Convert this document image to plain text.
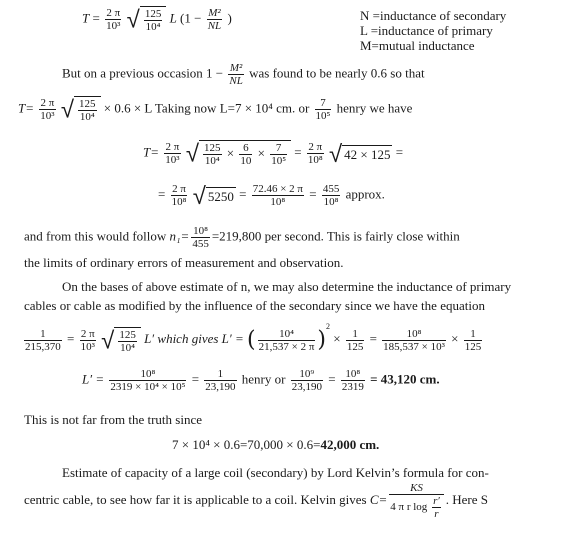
$T = \frac{2 \pi}{\text{10³}}$ √ $\frac{125}{\text{10⁴}}$ L ($1 - \frac{\text{M²}}{NL}$ )	N =inductance of secondary
L =inductance of primary
M=mutual inductance
But on a previous occasion $1 - \frac{\text{M²}}{NL}$ was found to be nearly 0.6 so that
$T= \frac{2 \pi}{\text{10³}}$ √ $\frac{125}{\text{10⁴}} \times 0.6 \times L$ Taking now L=7 × 10⁴ cm. or $\frac{7}{\text{10⁵}}$ henry we have
$T= \frac{2 \pi}{\text{10³}}$ √ $\frac{125}{\text{10⁴}} \times \frac{6}{10} \times \frac{7}{\text{10⁵}} = \frac{2 \pi}{\text{10⁸}}$ √ 42 × 125 =
= $\frac{2 \pi}{\text{10⁸}}$ √ $5250 = \frac{72.46 \times 2 \pi}{\text{10⁸}} = \frac{455}{\text{10⁸}}$ approx.
and from this would follow $n_1= \frac{\text{10⁸}}{455} =219,800$ per second. This is fairly close within
the limits of ordinary errors of measurement and observation.
On the bases of above estimate of n, we may also determine the inductance of primary
cables or cable as modified by the influence of the secondary since we have the equation
$\frac{1}{215,370} = \frac{2 \pi}{\text{10³}}$ √ $\frac{125}{\text{10⁴}} L'$ which gives L′ = ( $\frac{\text{10⁴}}{21,537 \times 2 \pi} )^2 \times \frac{1}{125} = \frac{\text{10⁸}}{\text{185,537 × 10³}} \times \frac{1}{125}$
$L' = \frac{\text{10⁸}}{\text{2319 × 10⁴ × 10⁵}} = \frac{1}{23,190}$ henry or $\frac{\text{10⁹}}{23,190} = \frac{\text{10⁸}}{2319} = 43,120$ cm.
This is not far from the truth since
7 × 10⁴ × 0.6=70,000 × 0.6=42,000 cm.
Estimate of capacity of a large coil (secondary) by Lord Kelvin’s formula for con-
centric cable, to see how far it is applicable to a coil. Kelvin gives $C= \frac{KS}{4 \pi r \log \frac{r'}{r}}$ . Here S
